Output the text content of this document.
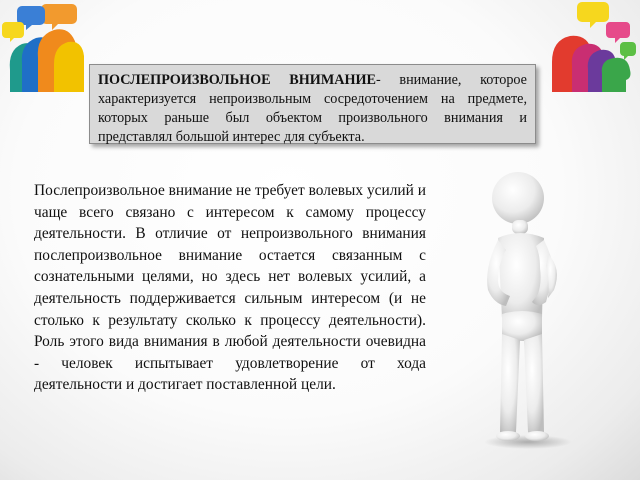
ПОСЛЕПРОИЗВОЛЬНОЕ ВНИМАНИЕ- внимание, которое характеризуется непроизвольным сосредоточением на предмете, которых раньше был объектом произвольного внимания и представлял большой интерес для субъекта.

Послепроизвольное внимание не требует волевых усилий и чаще всего связано с интересом к самому процессу деятельности. В отличие от непроизвольного внимания послепроизвольное внимание остается связанным с сознательными целями, но здесь нет волевых усилий, а деятельность поддерживается сильным интересом (и не столько к результату сколько к процессу деятельности). Роль этого вида внимания в любой деятельности очевидна - человек испытывает удовлетворение от хода деятельности и достигает поставленной цели.
